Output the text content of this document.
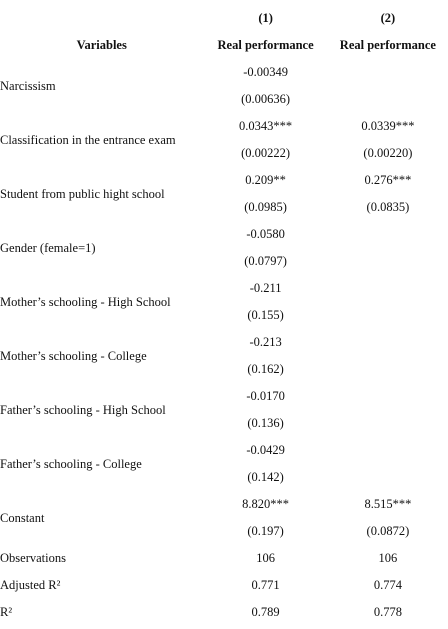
	(1)	(2)
Variables	Real performance	Real performance
Narcissism	-0.00349	
	(0.00636)	
Classification in the entrance exam	0.0343***	0.0339***
	(0.00222)	(0.00220)
Student from public hight school	0.209**	0.276***
	(0.0985)	(0.0835)
Gender (female=1)	-0.0580	
	(0.0797)	
Mother’s schooling - High School	-0.211	
	(0.155)	
Mother’s schooling - College	-0.213	
	(0.162)	
Father’s schooling - High School	-0.0170	
	(0.136)	
Father’s schooling - College	-0.0429	
	(0.142)	
Constant	8.820***	8.515***
	(0.197)	(0.0872)
Observations	106	106
Adjusted R²	0.771	0.774
R²	0.789	0.778
